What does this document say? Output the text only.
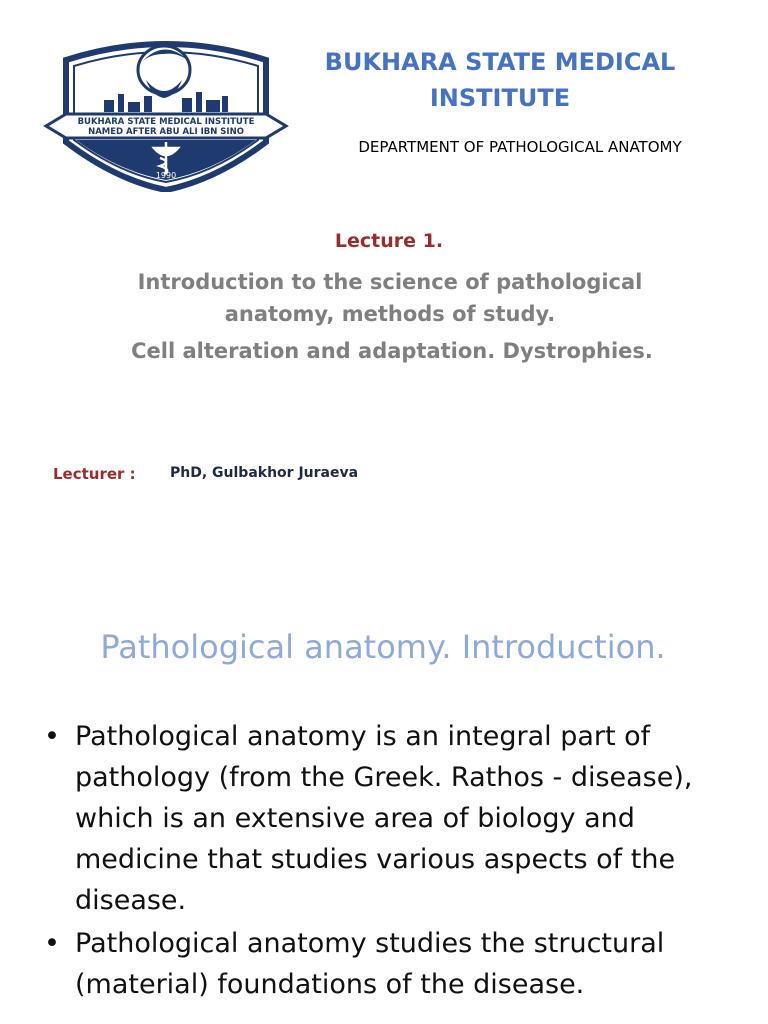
BUKHARA STATE MEDICAL INSTITUTE
NAMED AFTER ABU ALI IBN SINO
1990
BUKHARA STATE MEDICAL INSTITUTE
DEPARTMENT OF PATHOLOGICAL ANATOMY
Lecture 1.
Introduction to the science of pathological anatomy, methods of study.
Cell alteration and adaptation. Dystrophies.
Lecturer : PhD, Gulbakhor Juraeva
Pathological anatomy. Introduction.
• Pathological anatomy is an integral part of pathology (from the Greek. Rathos - disease), which is an extensive area of biology and medicine that studies various aspects of the disease.
• Pathological anatomy studies the structural (material) foundations of the disease.
